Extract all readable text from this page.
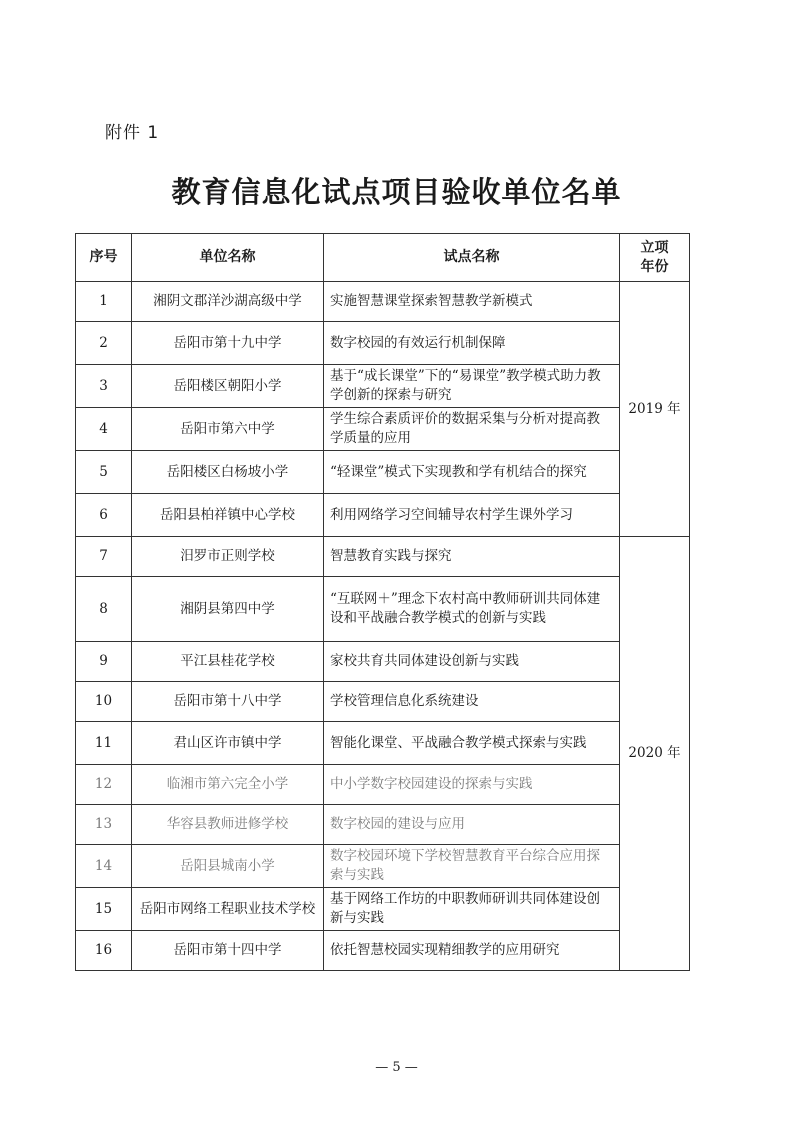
附件 1
教育信息化试点项目验收单位名单
序号	单位名称	试点名称	立项
年份
1	湘阴文郡洋沙湖高级中学	实施智慧课堂探索智慧教学新模式	2019 年
2	岳阳市第十九中学	数字校园的有效运行机制保障	
3	岳阳楼区朝阳小学	基于“成长课堂”下的“易课堂”教学模式助力教学创新的探索与研究	
4	岳阳市第六中学	学生综合素质评价的数据采集与分析对提高教学质量的应用	
5	岳阳楼区白杨坡小学	“轻课堂”模式下实现教和学有机结合的探究	
6	岳阳县柏祥镇中心学校	利用网络学习空间辅导农村学生课外学习	
7	汨罗市正则学校	智慧教育实践与探究	2020 年
8	湘阴县第四中学	“互联网＋”理念下农村高中教师研训共同体建设和平战融合教学模式的创新与实践	
9	平江县桂花学校	家校共育共同体建设创新与实践	
10	岳阳市第十八中学	学校管理信息化系统建设	
11	君山区许市镇中学	智能化课堂、平战融合教学模式探索与实践	
12	临湘市第六完全小学	中小学数字校园建设的探索与实践	
13	华容县教师进修学校	数字校园的建设与应用	
14	岳阳县城南小学	数字校园环境下学校智慧教育平台综合应用探索与实践	
15	岳阳市网络工程职业技术学校	基于网络工作坊的中职教师研训共同体建设创新与实践	
16	岳阳市第十四中学	依托智慧校园实现精细教学的应用研究	
— 5 —
